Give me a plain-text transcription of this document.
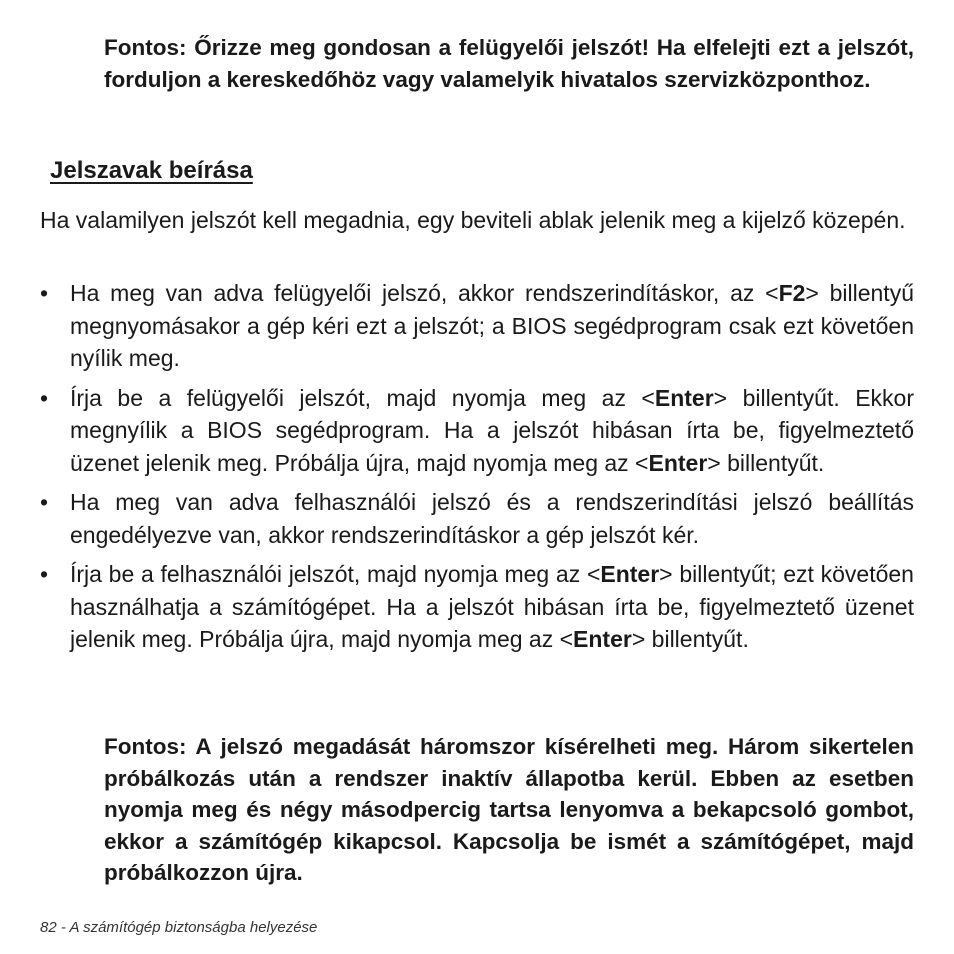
Fontos: Őrizze meg gondosan a felügyelői jelszót! Ha elfelejti ezt a jelszót, forduljon a kereskedőhöz vagy valamelyik hivatalos szervizközponthoz.

Jelszavak beírása

Ha valamilyen jelszót kell megadnia, egy beviteli ablak jelenik meg a kijelző közepén.

• Ha meg van adva felügyelői jelszó, akkor rendszerindításkor, az <F2> billentyű megnyomásakor a gép kéri ezt a jelszót; a BIOS segédprogram csak ezt követően nyílik meg.
• Írja be a felügyelői jelszót, majd nyomja meg az <Enter> billentyűt. Ekkor megnyílik a BIOS segédprogram. Ha a jelszót hibásan írta be, figyelmeztető üzenet jelenik meg. Próbálja újra, majd nyomja meg az <Enter> billentyűt.
• Ha meg van adva felhasználói jelszó és a rendszerindítási jelszó beállítás engedélyezve van, akkor rendszerindításkor a gép jelszót kér.
• Írja be a felhasználói jelszót, majd nyomja meg az <Enter> billentyűt; ezt követően használhatja a számítógépet. Ha a jelszót hibásan írta be, figyelmeztető üzenet jelenik meg. Próbálja újra, majd nyomja meg az <Enter> billentyűt.

Fontos: A jelszó megadását háromszor kísérelheti meg. Három sikertelen próbálkozás után a rendszer inaktív állapotba kerül. Ebben az esetben nyomja meg és négy másodpercig tartsa lenyomva a bekapcsoló gombot, ekkor a számítógép kikapcsol. Kapcsolja be ismét a számítógépet, majd próbálkozzon újra.

82 - A számítógép biztonságba helyezése
